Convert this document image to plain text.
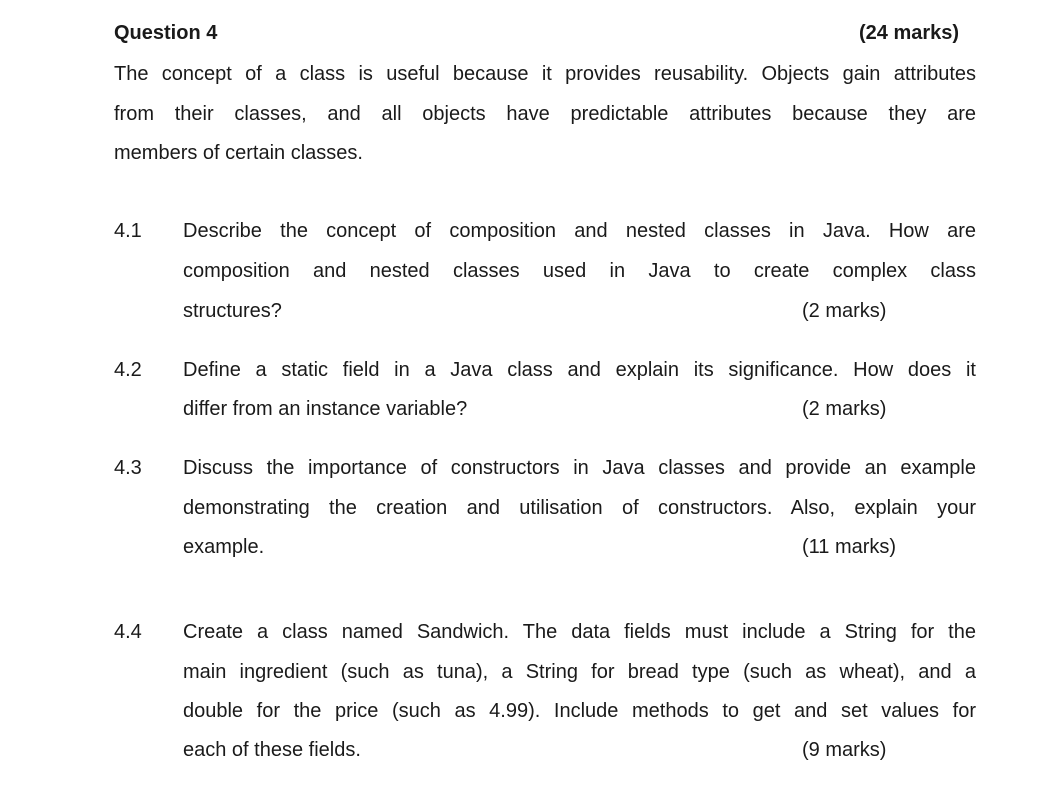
Question 4	(24 marks)
The concept of a class is useful because it provides reusability. Objects gain attributes
from their classes, and all objects have predictable attributes because they are
members of certain classes.
4.1 Describe the concept of composition and nested classes in Java. How are
composition and nested classes used in Java to create complex class
structures?	(2 marks)
4.2 Define a static field in a Java class and explain its significance. How does it
differ from an instance variable?	(2 marks)
4.3 Discuss the importance of constructors in Java classes and provide an example
demonstrating the creation and utilisation of constructors. Also, explain your
example.	(11 marks)
4.4 Create a class named Sandwich. The data fields must include a String for the
main ingredient (such as tuna), a String for bread type (such as wheat), and a
double for the price (such as 4.99). Include methods to get and set values for
each of these fields.	(9 marks)
